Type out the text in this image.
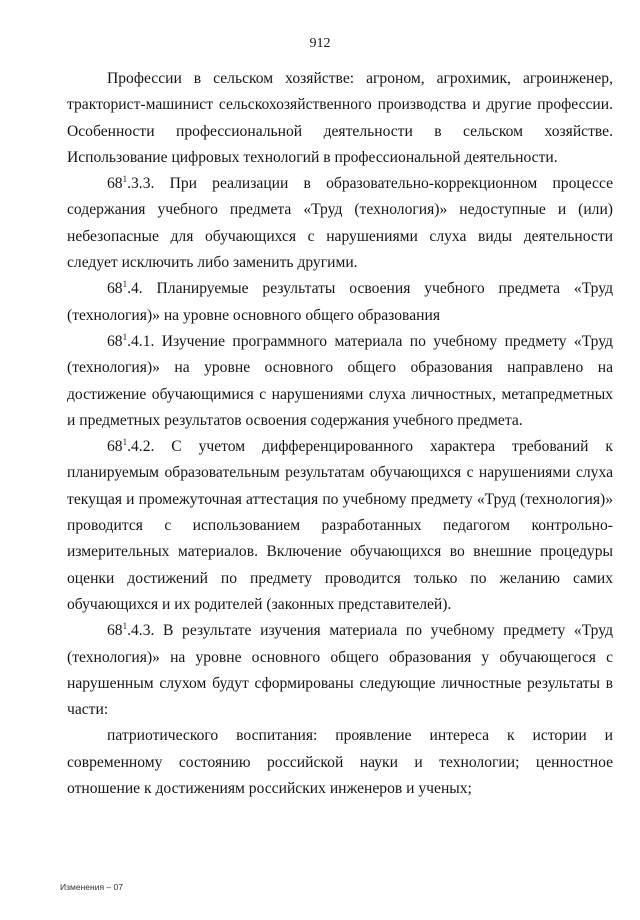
912

Профессии в сельском хозяйстве: агроном, агрохимик, агроинженер, тракторист-машинист сельскохозяйственного производства и другие профессии. Особенности профессиональной деятельности в сельском хозяйстве. Использование цифровых технологий в профессиональной деятельности.

$68^1.3.3$. При реализации в образовательно-коррекционном процессе содержания учебного предмета «Труд (технология)» недоступные и (или) небезопасные для обучающихся с нарушениями слуха виды деятельности следует исключить либо заменить другими.

$68^1.4$. Планируемые результаты освоения учебного предмета «Труд (технология)» на уровне основного общего образования

$68^1.4.1$. Изучение программного материала по учебному предмету «Труд (технология)» на уровне основного общего образования направлено на достижение обучающимися с нарушениями слуха личностных, метапредметных и предметных результатов освоения содержания учебного предмета.

$68^1.4.2$. С учетом дифференцированного характера требований к планируемым образовательным результатам обучающихся с нарушениями слуха текущая и промежуточная аттестация по учебному предмету «Труд (технология)» проводится с использованием разработанных педагогом контрольно-измерительных материалов. Включение обучающихся во внешние процедуры оценки достижений по предмету проводится только по желанию самих обучающихся и их родителей (законных представителей).

$68^1.4.3$. В результате изучения материала по учебному предмету «Труд (технология)» на уровне основного общего образования у обучающегося с нарушенным слухом будут сформированы следующие личностные результаты в части:

патриотического воспитания: проявление интереса к истории и современному состоянию российской науки и технологии; ценностное отношение к достижениям российских инженеров и ученых;

Изменения – 07
